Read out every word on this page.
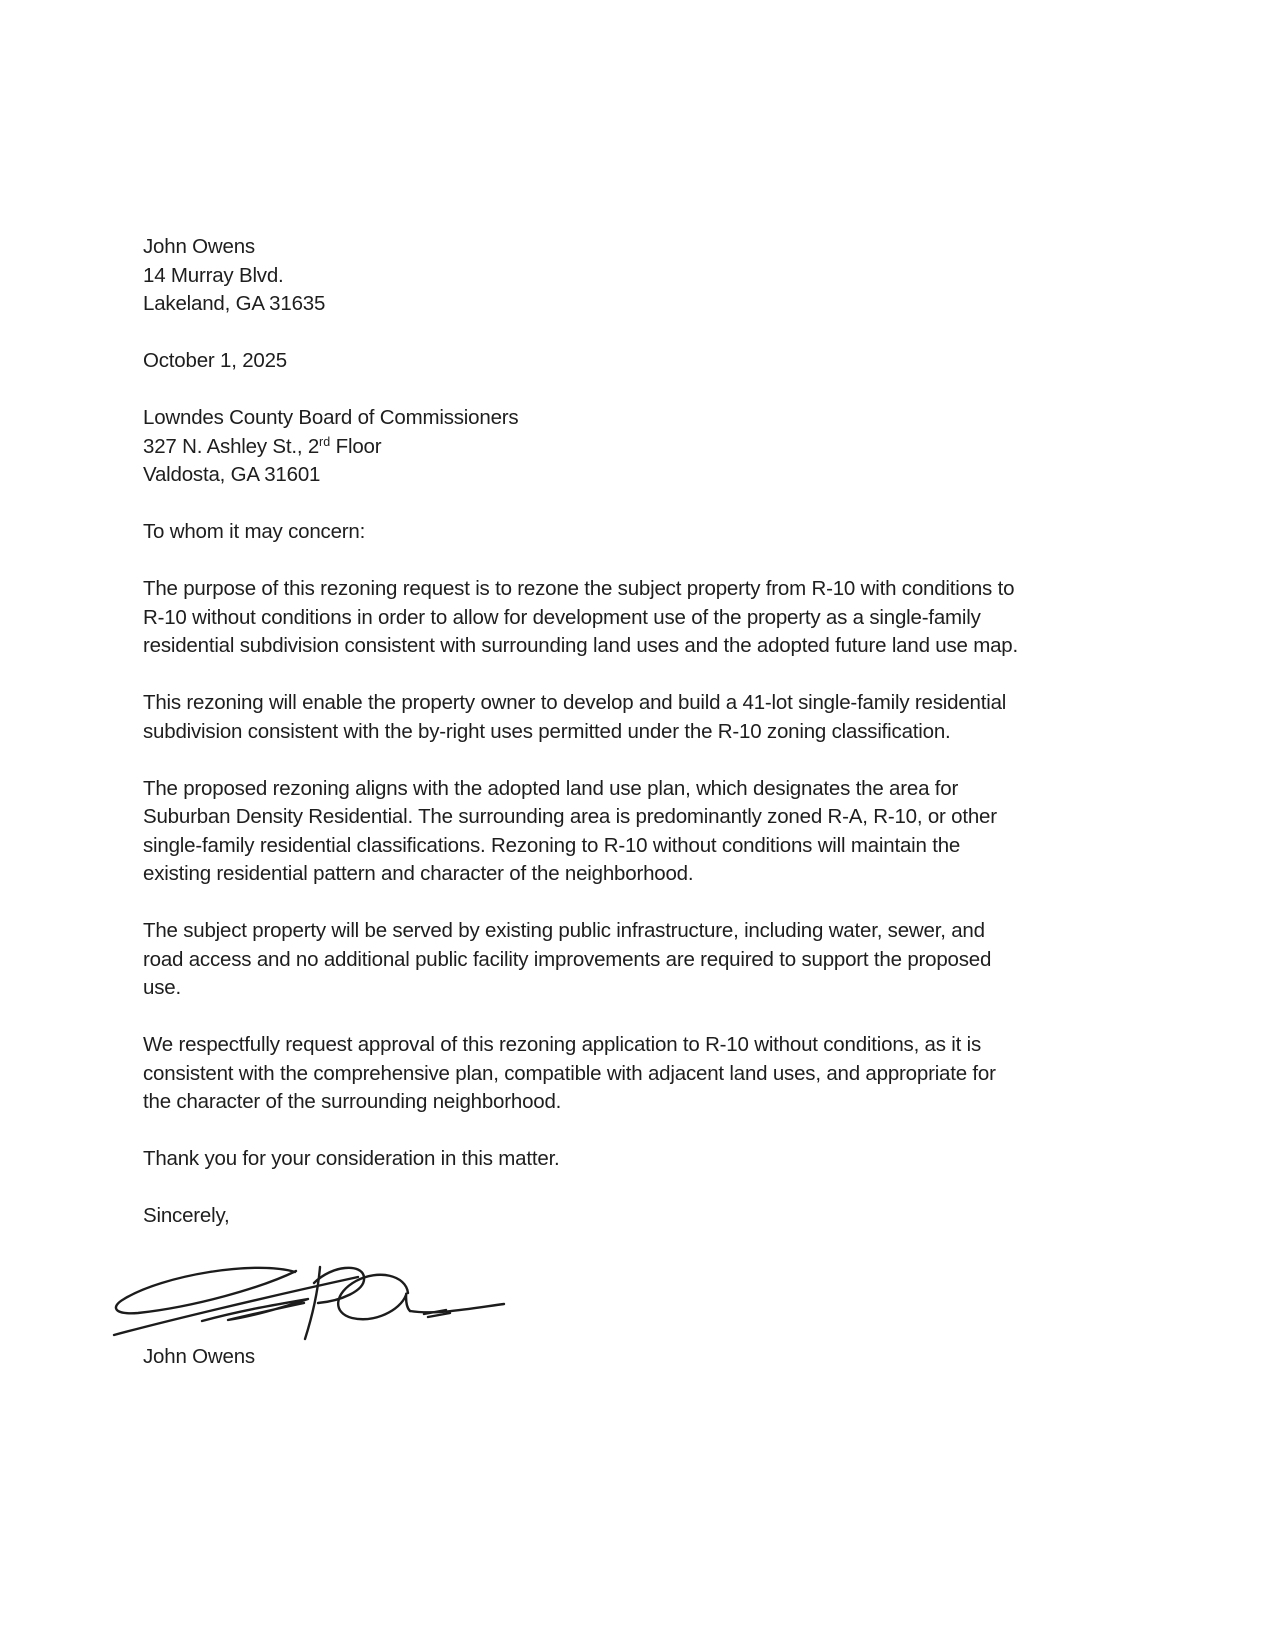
John Owens
14 Murray Blvd.
Lakeland, GA 31635
October 1, 2025
Lowndes County Board of Commissioners
327 N. Ashley St., 2rd Floor
Valdosta, GA 31601
To whom it may concern:
The purpose of this rezoning request is to rezone the subject property from R-10 with conditions to
R-10 without conditions in order to allow for development use of the property as a single-family
residential subdivision consistent with surrounding land uses and the adopted future land use map.
This rezoning will enable the property owner to develop and build a 41-lot single-family residential
subdivision consistent with the by-right uses permitted under the R-10 zoning classification.
The proposed rezoning aligns with the adopted land use plan, which designates the area for
Suburban Density Residential. The surrounding area is predominantly zoned R-A, R-10, or other
single-family residential classifications. Rezoning to R-10 without conditions will maintain the
existing residential pattern and character of the neighborhood.
The subject property will be served by existing public infrastructure, including water, sewer, and
road access and no additional public facility improvements are required to support the proposed
use.
We respectfully request approval of this rezoning application to R-10 without conditions, as it is
consistent with the comprehensive plan, compatible with adjacent land uses, and appropriate for
the character of the surrounding neighborhood.
Thank you for your consideration in this matter.
Sincerely,
John Owens
